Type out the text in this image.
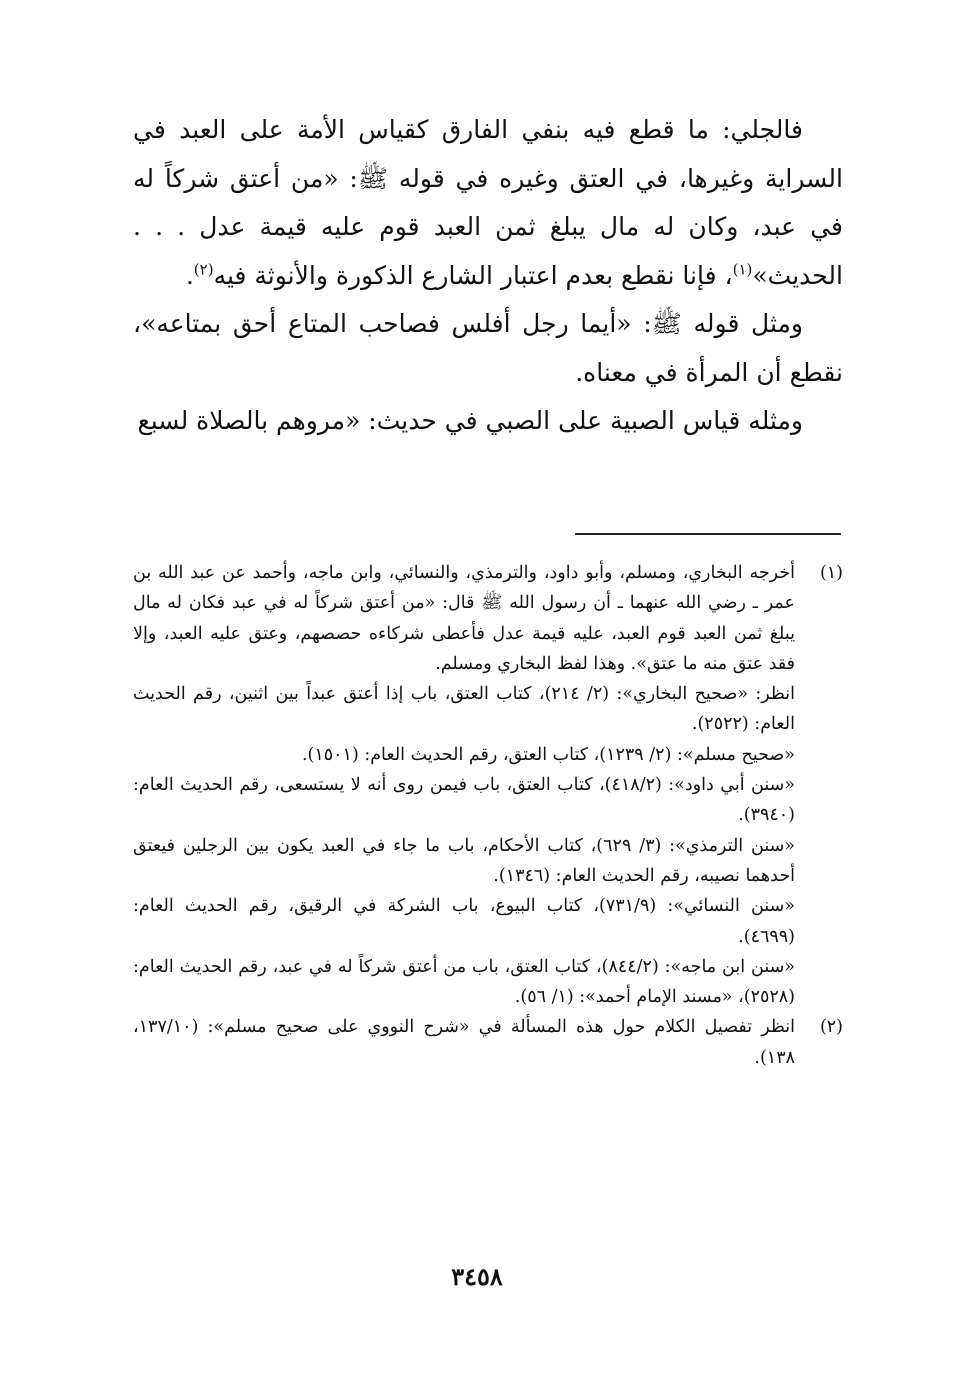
فالجلي: ما قطع فيه بنفي الفارق كقياس الأمة على العبد في السراية وغيرها، في العتق وغيره في قوله ﷺ: «من أعتق شركاً له في عبد، وكان له مال يبلغ ثمن العبد قوم عليه قيمة عدل . . . الحديث»$^{(١)}$، فإنا نقطع بعدم اعتبار الشارع الذكورة والأنوثة فيه$^{(٢)}$.

ومثل قوله ﷺ: «أيما رجل أفلس فصاحب المتاع أحق بمتاعه»، نقطع أن المرأة في معناه.

ومثله قياس الصبية على الصبي في حديث: «مروهم بالصلاة لسبع

(١)

أخرجه البخاري، ومسلم، وأبو داود، والترمذي، والنسائي، وابن ماجه، وأحمد عن عبد الله بن عمر ـ رضي الله عنهما ـ أن رسول الله ﷺ قال: «من أعتق شركاً له في عبد فكان له مال يبلغ ثمن العبد قوم العبد، عليه قيمة عدل فأعطى شركاءه حصصهم، وعتق عليه العبد، وإلا فقد عتق منه ما عتق». وهذا لفظ البخاري ومسلم.

انظر: «صحيح البخاري»: (٢/ ٢١٤)، كتاب العتق، باب إذا أعتق عبداً بين اثنين، رقم الحديث العام: (٢٥٢٢).

«صحيح مسلم»: (٢/ ١٢٣٩)، كتاب العتق، رقم الحديث العام: (١٥٠١).

«سنن أبي داود»: (٤١٨/٢)، كتاب العتق، باب فيمن روى أنه لا يستسعى، رقم الحديث العام: (٣٩٤٠).

«سنن الترمذي»: (٣/ ٦٢٩)، كتاب الأحكام، باب ما جاء في العبد يكون بين الرجلين فيعتق أحدهما نصيبه، رقم الحديث العام: (١٣٤٦).

«سنن النسائي»: (٧٣١/٩)، كتاب البيوع، باب الشركة في الرقيق، رقم الحديث العام: (٤٦٩٩).

«سنن ابن ماجه»: (٨٤٤/٢)، كتاب العتق، باب من أعتق شركاً له في عبد، رقم الحديث العام: (٢٥٢٨)، «مسند الإمام أحمد»: (١/ ٥٦).

(٢)

انظر تفصيل الكلام حول هذه المسألة في «شرح النووي على صحيح مسلم»: (١٣٧/١٠، ١٣٨).

٣٤٥٨
